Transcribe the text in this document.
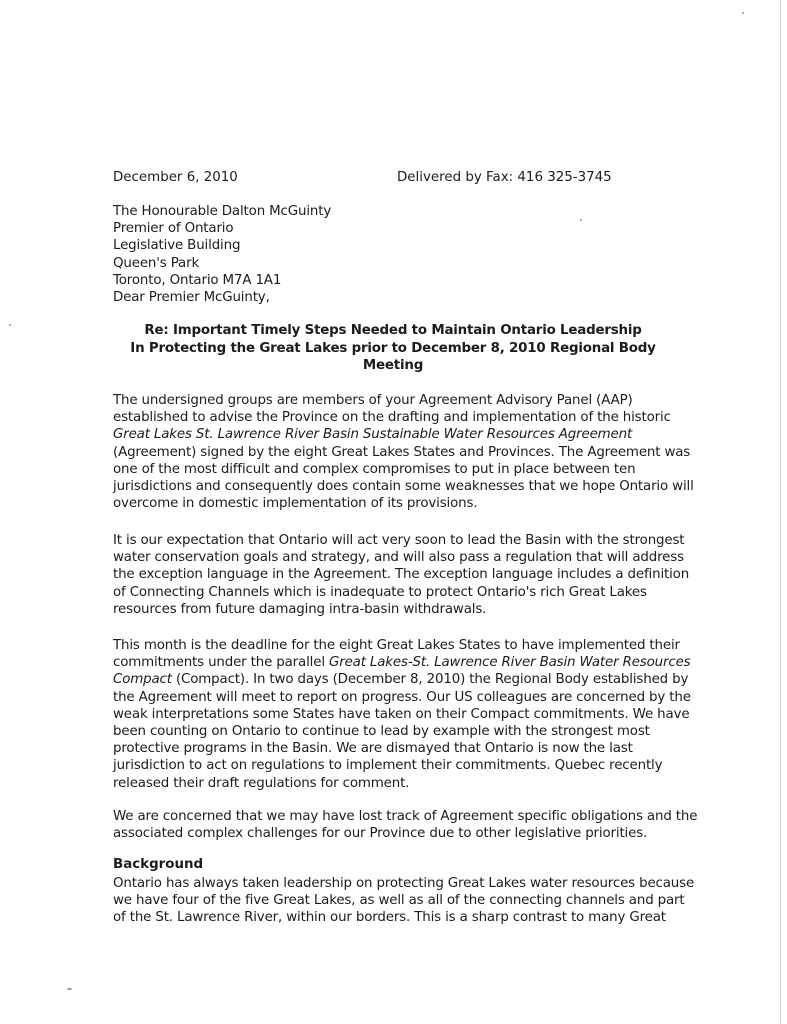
December 6, 2010	Delivered by Fax: 416 325-3745
The Honourable Dalton McGuinty
Premier of Ontario
Legislative Building
Queen's Park
Toronto, Ontario M7A 1A1
Dear Premier McGuinty,
Re: Important Timely Steps Needed to Maintain Ontario Leadership
In Protecting the Great Lakes prior to December 8, 2010 Regional Body
Meeting
The undersigned groups are members of your Agreement Advisory Panel (AAP)
established to advise the Province on the drafting and implementation of the historic
Great Lakes St. Lawrence River Basin Sustainable Water Resources Agreement
(Agreement) signed by the eight Great Lakes States and Provinces. The Agreement was
one of the most difficult and complex compromises to put in place between ten
jurisdictions and consequently does contain some weaknesses that we hope Ontario will
overcome in domestic implementation of its provisions.
It is our expectation that Ontario will act very soon to lead the Basin with the strongest
water conservation goals and strategy, and will also pass a regulation that will address
the exception language in the Agreement. The exception language includes a definition
of Connecting Channels which is inadequate to protect Ontario's rich Great Lakes
resources from future damaging intra-basin withdrawals.
This month is the deadline for the eight Great Lakes States to have implemented their
commitments under the parallel Great Lakes-St. Lawrence River Basin Water Resources
Compact (Compact). In two days (December 8, 2010) the Regional Body established by
the Agreement will meet to report on progress. Our US colleagues are concerned by the
weak interpretations some States have taken on their Compact commitments. We have
been counting on Ontario to continue to lead by example with the strongest most
protective programs in the Basin. We are dismayed that Ontario is now the last
jurisdiction to act on regulations to implement their commitments. Quebec recently
released their draft regulations for comment.
We are concerned that we may have lost track of Agreement specific obligations and the
associated complex challenges for our Province due to other legislative priorities.
Background
Ontario has always taken leadership on protecting Great Lakes water resources because
we have four of the five Great Lakes, as well as all of the connecting channels and part
of the St. Lawrence River, within our borders. This is a sharp contrast to many Great
